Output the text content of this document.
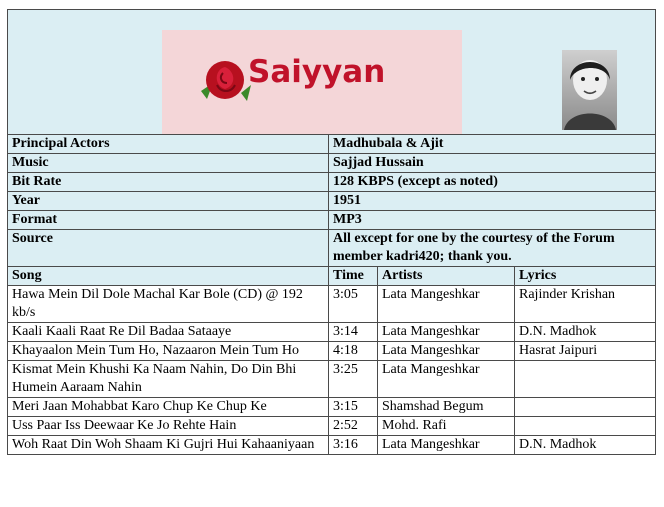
Saiyyan			

Principal Actors	Madhubala & Ajit		
Music	Sajjad Hussain		
Bit Rate	128 KBPS (except as noted)		
Year	1951		
Format	MP3		
Source	All except for one by the courtesy of the Forum member kadri420; thank you.		
Song	Time	Artists	Lyrics
Hawa Mein Dil Dole Machal Kar Bole (CD) @ 192 kb/s	3:05	Lata Mangeshkar	Rajinder Krishan
Kaali Kaali Raat Re Dil Badaa Sataaye	3:14	Lata Mangeshkar	D.N. Madhok
Khayaalon Mein Tum Ho, Nazaaron Mein Tum Ho	4:18	Lata Mangeshkar	Hasrat Jaipuri
Kismat Mein Khushi Ka Naam Nahin, Do Din Bhi Humein Aaraam Nahin	3:25	Lata Mangeshkar	
Meri Jaan Mohabbat Karo Chup Ke Chup Ke	3:15	Shamshad Begum	
Uss Paar Iss Deewaar Ke Jo Rehte Hain	2:52	Mohd. Rafi	
Woh Raat Din Woh Shaam Ki Gujri Hui Kahaaniyaan	3:16	Lata Mangeshkar	D.N. Madhok
